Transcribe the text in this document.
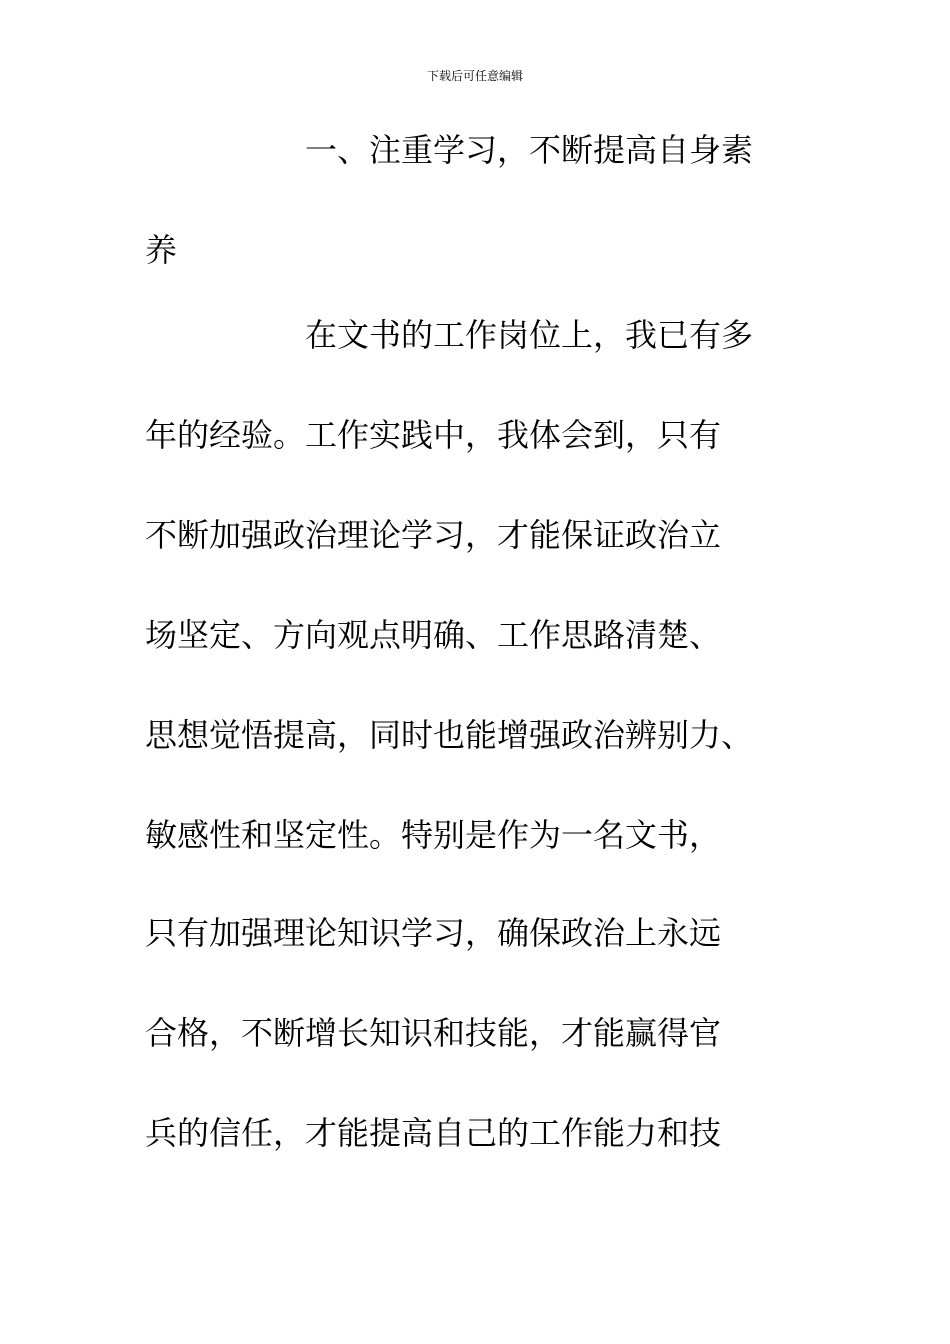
下载后可任意编辑
一、注重学习，不断提高自身素
养
在文书的工作岗位上，我已有多
年的经验。工作实践中，我体会到，只有
不断加强政治理论学习，才能保证政治立
场坚定、方向观点明确、工作思路清楚、
思想觉悟提高，同时也能增强政治辨别力、
敏感性和坚定性。特别是作为一名文书，
只有加强理论知识学习，确保政治上永远
合格，不断增长知识和技能，才能赢得官
兵的信任，才能提高自己的工作能力和技
